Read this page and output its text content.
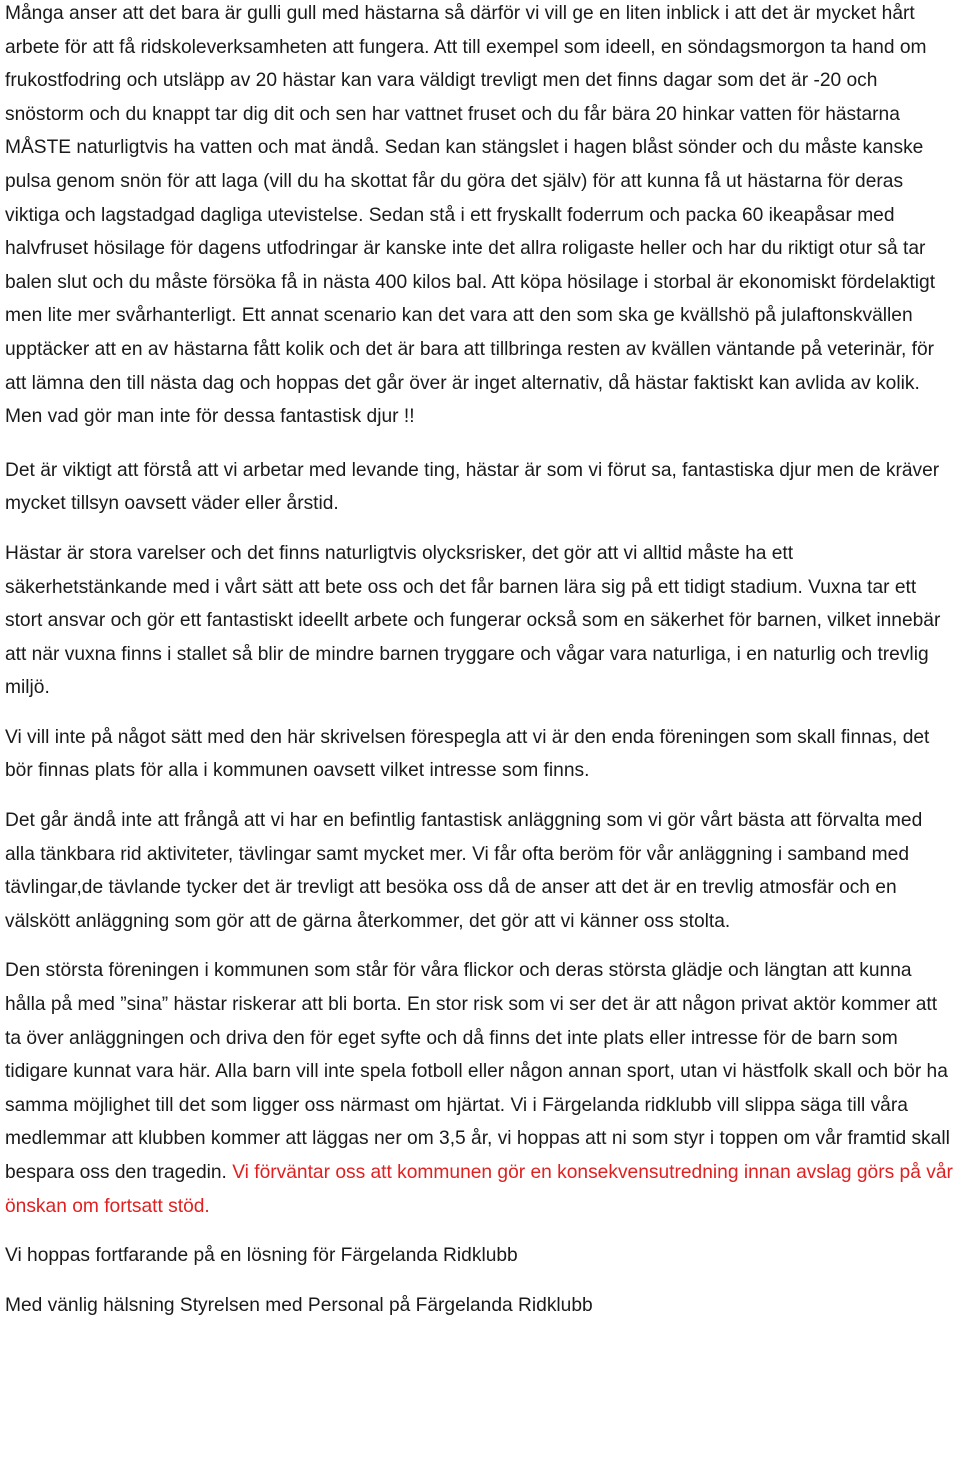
Många anser att det bara är gulli gull med hästarna så därför vi vill ge en liten inblick i att det är mycket hårt arbete för att få ridskoleverksamheten att fungera. Att till exempel som ideell, en söndagsmorgon ta hand om frukostfodring och utsläpp av 20 hästar kan vara väldigt trevligt men det finns dagar som det är -20 och snöstorm och du knappt tar dig dit och sen har vattnet fruset och du får bära 20 hinkar vatten för hästarna MÅSTE naturligtvis ha vatten och mat ändå. Sedan kan stängslet i hagen blåst sönder och du måste kanske pulsa genom snön för att laga (vill du ha skottat får du göra det själv) för att kunna få ut hästarna för deras viktiga och lagstadgad dagliga utevistelse. Sedan stå i ett fryskallt foderrum och packa 60 ikeapåsar med halvfruset hösilage för dagens utfodringar är kanske inte det allra roligaste heller och har du riktigt otur så tar balen slut och du måste försöka få in nästa 400 kilos bal. Att köpa hösilage i storbal är ekonomiskt fördelaktigt men lite mer svårhanterligt. Ett annat scenario kan det vara att den som ska ge kvällshö på julaftonskvällen upptäcker att en av hästarna fått kolik och det är bara att tillbringa resten av kvällen väntande på veterinär, för att lämna den till nästa dag och hoppas det går över är inget alternativ, då hästar faktiskt kan avlida av kolik. Men vad gör man inte för dessa fantastisk djur !!

Det är viktigt att förstå att vi arbetar med levande ting, hästar är som vi förut sa, fantastiska djur men de kräver mycket tillsyn oavsett väder eller årstid.

Hästar är stora varelser och det finns naturligtvis olycksrisker, det gör att vi alltid måste ha ett säkerhetstänkande med i vårt sätt att bete oss och det får barnen lära sig på ett tidigt stadium. Vuxna tar ett stort ansvar och gör ett fantastiskt ideellt arbete och fungerar också som en säkerhet för barnen, vilket innebär att när vuxna finns i stallet så blir de mindre barnen tryggare och vågar vara naturliga, i en naturlig och trevlig miljö.

Vi vill inte på något sätt med den här skrivelsen förespegla att vi är den enda föreningen som skall finnas, det bör finnas plats för alla i kommunen oavsett vilket intresse som finns.

Det går ändå inte att frångå att vi har en befintlig fantastisk anläggning som vi gör vårt bästa att förvalta med alla tänkbara rid aktiviteter, tävlingar samt mycket mer. Vi får ofta beröm för vår anläggning i samband med tävlingar,de tävlande tycker det är trevligt att besöka oss då de anser att det är en trevlig atmosfär och en välskött anläggning som gör att de gärna återkommer, det gör att vi känner oss stolta.

Den största föreningen i kommunen som står för våra flickor och deras största glädje och längtan att kunna hålla på med ”sina” hästar riskerar att bli borta. En stor risk som vi ser det är att någon privat aktör kommer att ta över anläggningen och driva den för eget syfte och då finns det inte plats eller intresse för de barn som tidigare kunnat vara här. Alla barn vill inte spela fotboll eller någon annan sport, utan vi hästfolk skall och bör ha samma möjlighet till det som ligger oss närmast om hjärtat. Vi i Färgelanda ridklubb vill slippa säga till våra medlemmar att klubben kommer att läggas ner om 3,5 år, vi hoppas att ni som styr i toppen om vår framtid skall bespara oss den tragedin. Vi förväntar oss att kommunen gör en konsekvensutredning innan avslag görs på vår önskan om fortsatt stöd.

Vi hoppas fortfarande på en lösning för Färgelanda Ridklubb

Med vänlig hälsning Styrelsen med Personal på Färgelanda Ridklubb
